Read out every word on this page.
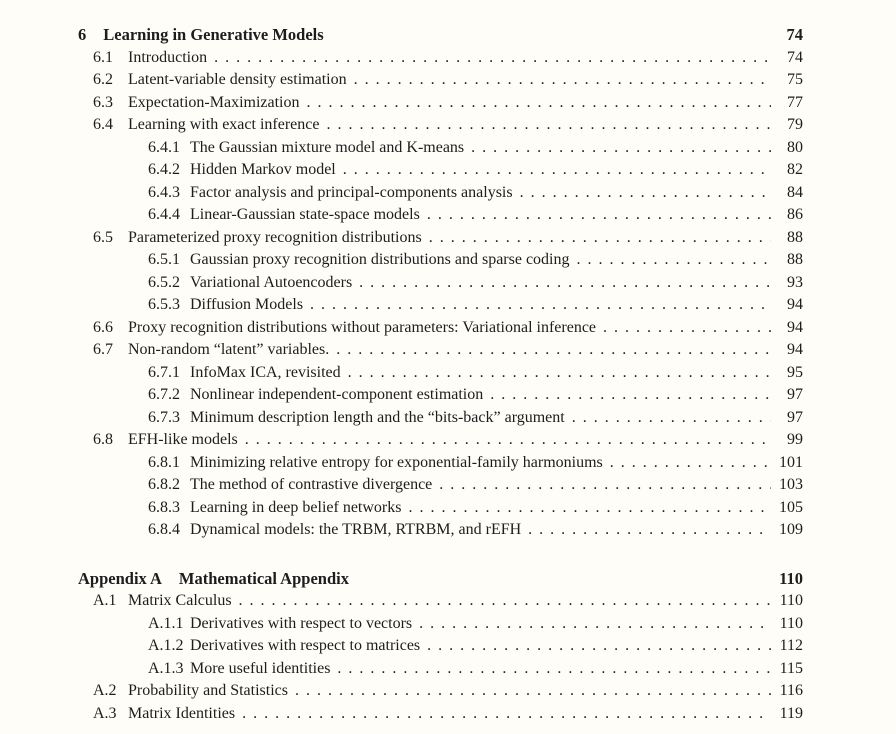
6 Learning in Generative Models	74
6.1 Introduction . . .	74
6.2 Latent-variable density estimation . . .	75
6.3 Expectation-Maximization . . .	77
6.4 Learning with exact inference . . .	79
6.4.1 The Gaussian mixture model and K-means . . .	80
6.4.2 Hidden Markov model . . .	82
6.4.3 Factor analysis and principal-components analysis . . .	84
6.4.4 Linear-Gaussian state-space models . . .	86
6.5 Parameterized proxy recognition distributions . . .	88
6.5.1 Gaussian proxy recognition distributions and sparse coding . . .	88
6.5.2 Variational Autoencoders . . .	93
6.5.3 Diffusion Models . . .	94
6.6 Proxy recognition distributions without parameters: Variational inference . . .	94
6.7 Non-random “latent” variables. . . .	94
6.7.1 InfoMax ICA, revisited . . .	95
6.7.2 Nonlinear independent-component estimation . . .	97
6.7.3 Minimum description length and the “bits-back” argument . . .	97
6.8 EFH-like models . . .	99
6.8.1 Minimizing relative entropy for exponential-family harmoniums . . .	101
6.8.2 The method of contrastive divergence . . .	103
6.8.3 Learning in deep belief networks . . .	105
6.8.4 Dynamical models: the TRBM, RTRBM, and rEFH . . .	109
Appendix A Mathematical Appendix	110
A.1 Matrix Calculus . . .	110
A.1.1 Derivatives with respect to vectors . . .	110
A.1.2 Derivatives with respect to matrices . . .	112
A.1.3 More useful identities . . .	115
A.2 Probability and Statistics . . .	116
A.3 Matrix Identities . . .	119
